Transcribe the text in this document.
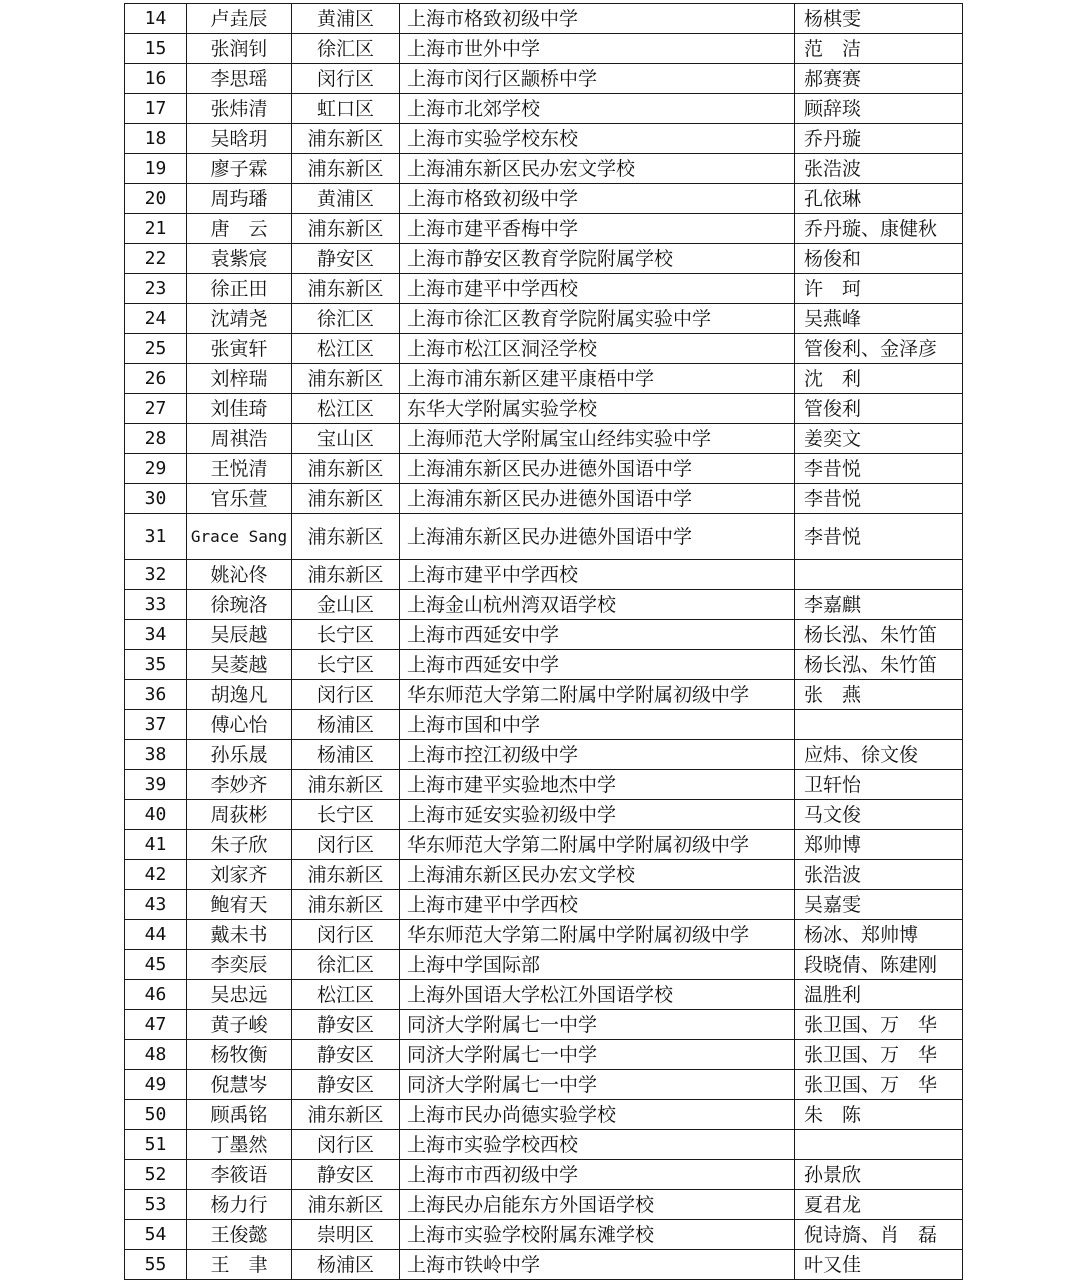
14	卢垚辰	黄浦区	上海市格致初级中学	杨棋雯
15	张润钊	徐汇区	上海市世外中学	范　洁
16	李思瑶	闵行区	上海市闵行区颛桥中学	郝赛赛
17	张炜清	虹口区	上海市北郊学校	顾辞琰
18	吴晗玥	浦东新区	上海市实验学校东校	乔丹璇
19	廖子霖	浦东新区	上海浦东新区民办宏文学校	张浩波
20	周玙璠	黄浦区	上海市格致初级中学	孔依琳
21	唐　云	浦东新区	上海市建平香梅中学	乔丹璇、康健秋
22	袁紫宸	静安区	上海市静安区教育学院附属学校	杨俊和
23	徐正田	浦东新区	上海市建平中学西校	许　珂
24	沈靖尧	徐汇区	上海市徐汇区教育学院附属实验中学	吴燕峰
25	张寅轩	松江区	上海市松江区洞泾学校	管俊利、金泽彦
26	刘梓瑞	浦东新区	上海市浦东新区建平康梧中学	沈　利
27	刘佳琦	松江区	东华大学附属实验学校	管俊利
28	周祺浩	宝山区	上海师范大学附属宝山经纬实验中学	姜奕文
29	王悦清	浦东新区	上海浦东新区民办进德外国语中学	李昔悦
30	官乐萱	浦东新区	上海浦东新区民办进德外国语中学	李昔悦
31	Grace Sang	浦东新区	上海浦东新区民办进德外国语中学	李昔悦
32	姚沁佟	浦东新区	上海市建平中学西校	
33	徐琬洛	金山区	上海金山杭州湾双语学校	李嘉麒
34	吴辰越	长宁区	上海市西延安中学	杨长泓、朱竹笛
35	吴菱越	长宁区	上海市西延安中学	杨长泓、朱竹笛
36	胡逸凡	闵行区	华东师范大学第二附属中学附属初级中学	张　燕
37	傅心怡	杨浦区	上海市国和中学	
38	孙乐晟	杨浦区	上海市控江初级中学	应炜、徐文俊
39	李妙齐	浦东新区	上海市建平实验地杰中学	卫轩怡
40	周荻彬	长宁区	上海市延安实验初级中学	马文俊
41	朱子欣	闵行区	华东师范大学第二附属中学附属初级中学	郑帅博
42	刘家齐	浦东新区	上海浦东新区民办宏文学校	张浩波
43	鲍宥天	浦东新区	上海市建平中学西校	吴嘉雯
44	戴未书	闵行区	华东师范大学第二附属中学附属初级中学	杨冰、郑帅博
45	李奕辰	徐汇区	上海中学国际部	段晓倩、陈建刚
46	吴忠远	松江区	上海外国语大学松江外国语学校	温胜利
47	黄子峻	静安区	同济大学附属七一中学	张卫国、万　华
48	杨牧衡	静安区	同济大学附属七一中学	张卫国、万　华
49	倪慧岑	静安区	同济大学附属七一中学	张卫国、万　华
50	顾禹铭	浦东新区	上海市民办尚德实验学校	朱　陈
51	丁墨然	闵行区	上海市实验学校西校	
52	李筱语	静安区	上海市市西初级中学	孙景欣
53	杨力行	浦东新区	上海民办启能东方外国语学校	夏君龙
54	王俊懿	崇明区	上海市实验学校附属东滩学校	倪诗旖、肖　磊
55	王　聿	杨浦区	上海市铁岭中学	叶又佳
